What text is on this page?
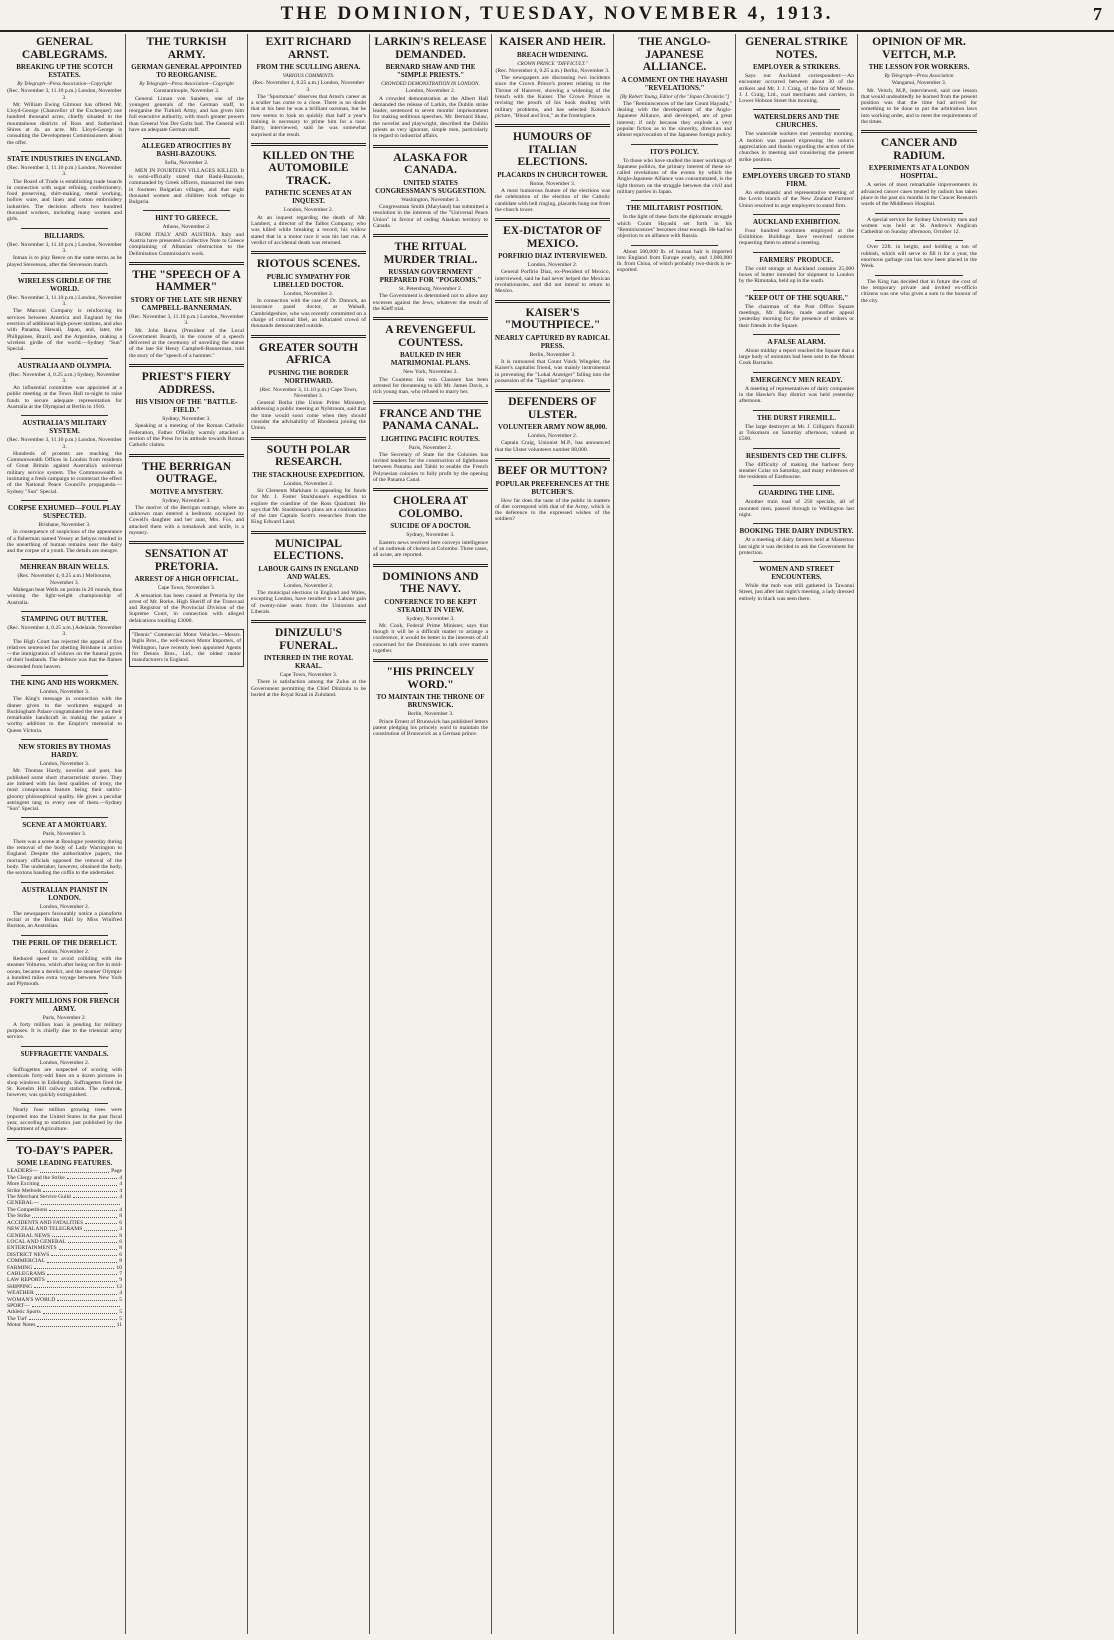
THE DOMINION, TUESDAY, NOVEMBER 4, 1913.	7
GENERAL CABLEGRAMS.
BREAKING UP THE SCOTCH ESTATES.
By Telegraph—Press Association—Copyright
(Rec. November 3, 11.10 p.m.) London, November 3.

Mr. William Ewing Gilmour has offered Mr. Lloyd-George (Chancellor of the Exchequer) one hundred thousand acres, chiefly situated in the mountainous districts of Ross and Sutherland Shires at 4s. an acre. Mr. Lloyd-George is consulting the Development Commissioners about the offer.

STATE INDUSTRIES IN ENGLAND.
(Rec. November 3, 11.10 p.m.) London, November 3.

The Board of Trade is establishing trade boards in connection with sugar refining, confectionery, food preserving, shirt-making, metal working, hollow ware, and linen and cotton embroidery industries. The decision affects two hundred thousand workers, including many women and girls.

BILLIARDS.
(Rec. November 3, 11.10 p.m.) London, November 3.

Inman is to play Reece on the same terms as he played Stevenson, after the Stevenson match.

WIRELESS GIRDLE OF THE WORLD.
(Rec. November 3, 11.10 p.m.) London, November 3.

The Marconi Company is reinforcing its services between America and England by the erection of additional high-power stations, and also with Panama, Hawaii, Japan, and, later, the Philippines, Brazil, and the Argentine, making a wireless girdle of the world.—Sydney "Sun" Special.

AUSTRALIA AND OLYMPIA.
(Rec. November 4, 0.25 a.m.) Sydney, November 3.

An influential committee was appointed at a public meeting at the Town Hall to-night to raise funds to secure adequate representation for Australia at the Olympiad at Berlin in 1916.

AUSTRALIA'S MILITARY SYSTEM.
(Rec. November 3, 11.10 p.m.) London, November 3.

Hundreds of protests are reaching the Commonwealth Offices in London from residents of Great Britain against Australia's universal military service system. The Commonwealth is instituting a fresh campaign to counteract the effect of the National Peace Council's propaganda.—Sydney "Sun" Special.

CORPSE EXHUMED—FOUL PLAY SUSPECTED.
Brisbane, November 3.

In consequence of suspicious of the appearance of a fisherman named Yessey at Sebyns resulted in the unearthing of human remains near the dairy and the corpse of a youth. The details are meagre.

MEHREAN BRAIN WELLS.
(Rec. November 4, 0.25 a.m.) Melbourne, November 3.

Mahegan beat Wells on points in 20 rounds, thus winning the light-weight championship of Australia.

STAMPING OUT BUTTER.
(Rec. November 4, 0.25 a.m.) Adelaide, November 3.

The High Court has rejected the appeal of five relatives sentenced for abetting Brisbane in action—the immigration of widows on the funeral pyres of their husbands. The defence was that the flames descended from heaven.

THE KING AND HIS WORKMEN.
London, November 3.

The King's message in connection with the dinner given to the workmen engaged at Buckingham Palace congratulated the men on their remarkable handicraft in making the palace a worthy addition to the Empire's memorial to Queen Victoria.

NEW STORIES BY THOMAS HARDY.
London, November 3.

Mr. Thomas Hardy, novelist and poet, has published some short characteristic stories. They are imbued with his best qualities of irony, the most conspicuous feature being their satiric-gloomy philosophical quality. He gives a peculiar astringent tang to every one of them.—Sydney "Sun" Special.

SCENE AT A MORTUARY.
Paris, November 3.

There was a scene at Boulogne yesterday during the removal of the body of Lady Warrington to England. Despite the authoritative papers, the mortuary officials opposed the removal of the body. The undertaker, however, obtained the body, the sextons handing the coffin to the undertaker.

AUSTRALIAN PIANIST IN LONDON.
London, November 2.

The newspapers favourably notice a pianoforte recital at the Bolian Hall by Miss Winifred Burston, an Australian.

THE PERIL OF THE DERELICT.
London, November 2.

Reduced speed to avoid colliding with the steamer Volturno, which after being on fire in mid-ocean, became a derelict, and the steamer Olympic a hundred miles extra voyage between New York and Plymouth.

FORTY MILLIONS FOR FRENCH ARMY.
Paris, November 2.

A forty million loan is pending for military purposes. It is chiefly due to the triennial army service.

SUFFRAGETTE VANDALS.
London, November 2.

Suffragettes are suspected of scoring with chemicals forty-odd lines on a dozen pictures in shop windows in Edinburgh. Suffragettes fired the St. Kenelm Hill railway station. The outbreak, however, was quickly extinguished.

Nearly four million growing trees were imported into the United States in the past fiscal year, according to statistics just published by the Department of Agriculture.

TO-DAY'S PAPER.
SOME LEADING FEATURES.
LEADERS—	Page
The Clergy and the Strike	4
More Exciting	4
Strike Methods	4
The Merchant Service Guild	4
GENERAL—
The Competitions	4
The Strike	8
ACCIDENTS AND FATALITIES	6
NEW ZEALAND TELEGRAMS	3
GENERAL NEWS	8
LOCAL AND GENERAL	6
ENTERTAINMENTS	8
DISTRICT NEWS	6
COMMERCIAL	8
FARMING	10
CABLEGRAMS	7
LAW REPORTS	9
SHIPPING	12
WEATHER	4
WOMAN'S WORLD	5
SPORT—
Athletic Sports	5
The Turf	5
Motor Notes	11
THE TURKISH ARMY.
GERMAN GENERAL APPOINTED TO REORGANISE.
By Telegraph—Press Association—Copyright
Constantinople, November 2.

General Liman von Sanders, one of the youngest generals of the German staff, to reorganise the Turkish Army, and has given him full executive authority, with much greater powers than General Von Der Goltz had. The General will have an adequate German staff.

ALLEGED ATROCITIES BY BASHI-BAZOUKS.
Sofia, November 2.

MEN IN FOURTEEN VILLAGES KILLED. It is semi-officially stated that Bashi-Bazouks, commanded by Greek officers, massacred the men in fourteen Bulgarian villages, and that eight thousand women and children took refuge in Bulgaria.

HINT TO GREECE.
Athens, November 2.

FROM ITALY AND AUSTRIA. Italy and Austria have presented a collective Note to Greece complaining of Albanian obstruction to the Delimitation Commission's work.

THE "SPEECH OF A HAMMER"
STORY OF THE LATE SIR HENRY CAMPBELL-BANNERMAN.
(Rec. November 3, 11.10 p.m.) London, November 3.

Mr. John Burns (President of the Local Government Board), in the course of a speech delivered at the ceremony of unveiling the statue of the late Sir Henry Campbell-Bannerman, told the story of the "speech of a hammer."

PRIEST'S FIERY ADDRESS.
HIS VISION OF THE "BATTLE-FIELD."
Sydney, November 3.

Speaking at a meeting of the Roman Catholic Federation, Father O'Reilly warmly attacked a section of the Press for its attitude towards Roman Catholic claims.

THE BERRIGAN OUTRAGE.
MOTIVE A MYSTERY.
Sydney, November 3.

The motive of the Berrigan outrage, where an unknown man entered a bedroom occupied by Cowell's daughter and her aunt, Mrs. Fox, and attacked them with a tomahawk and knife, is a mystery.

SENSATION AT PRETORIA.
ARREST OF A HIGH OFFICIAL.
Cape Town, November 3.

A sensation has been caused at Pretoria by the arrest of Mr. Rorke, High Sheriff of the Transvaal and Registrar of the Provincial Division of the Supreme Court, in connection with alleged defalcations totalling £3000.

"Dennis" Commercial Motor Vehicles.—Messrs. Inglis Bros., the well-known Motor Importers, of Wellington, have recently been appointed Agents for Dennis Bros., Ltd., the oldest motor manufacturers in England.
EXIT RICHARD ARNST.
FROM THE SCULLING ARENA.
VARIOUS COMMENTS.
(Rec. November 4, 0.25 a.m.) London, November 3.

The "Sportsman" observes that Arnst's career as a sculler has come to a close. There is no doubt that at his best he was a brilliant oarsman, but he now seems to look so quickly that half a year's training is necessary to prime him for a race. Barry, interviewed, said he was somewhat surprised at the result.

KILLED ON THE AUTOMOBILE TRACK.
PATHETIC SCENES AT AN INQUEST.
London, November 2.

At an inquest regarding the death of Mr. Lambert, a director of the Talbot Company, who was killed while breaking a record, his widow stated that in a motor race it was his last run. A verdict of accidental death was returned.

RIOTOUS SCENES.
PUBLIC SYMPATHY FOR LIBELLED DOCTOR.
London, November 2.

In connection with the case of Dr. Dimock, an insurance panel doctor, at Walsall, Cambridgeshire, who was recently committed on a charge of criminal libel, an infuriated crowd of thousands demonstrated outside.

GREATER SOUTH AFRICA
PUSHING THE BORDER NORTHWARD.
(Rec. November 3, 11.10 p.m.) Cape Town, November 3.

General Botha (the Union Prime Minister), addressing a public meeting at Nylstroom, said that the time would soon come when they should consider the advisability of Rhodesia joining the Union.

SOUTH POLAR RESEARCH.
THE STACKHOUSE EXPEDITION.
London, November 2.

Sir Clements Markham is appealing for funds for Mr. J. Foster Stackhouse's expedition to explore the coastline of the Ross Quadrant. He says that Mr. Stackhouse's plans are a continuation of the late Captain Scott's researches from the King Edward Land.

MUNICIPAL ELECTIONS.
LABOUR GAINS IN ENGLAND AND WALES.
London, November 2.

The municipal elections in England and Wales, excepting London, have resulted in a Labour gain of twenty-nine seats from the Unionists and Liberals.

DINIZULU'S FUNERAL.
INTERRED IN THE ROYAL KRAAL.
Cape Town, November 3.

There is satisfaction among the Zulus at the Government permitting the Chief Dinizulu to be buried at the Royal Kraal in Zululand.

LARKIN'S RELEASE DEMANDED.
BERNARD SHAW AND THE "SIMPLE PRIESTS."
CROWDED DEMONSTRATION IN LONDON.
London, November 2.

A crowded demonstration at the Albert Hall demanded the release of Larkin, the Dublin strike leader, sentenced to seven months' imprisonment for making seditious speeches. Mr. Bernard Shaw, the novelist and playwright, described the Dublin priests as very ignorant, simple men, particularly in regard to industrial affairs.

ALASKA FOR CANADA.
UNITED STATES CONGRESSMAN'S SUGGESTION.
Washington, November 3.

Congressman Smith (Maryland) has submitted a resolution in the interests of the "Universal Peace Union" in favour of ceding Alaskan territory to Canada.

THE RITUAL MURDER TRIAL.
RUSSIAN GOVERNMENT PREPARED FOR "POGROMS."
St. Petersburg, November 2.

The Government is determined not to allow any excesses against the Jews, whatever the result of the Kieff trial.

A REVENGEFUL COUNTESS.
BAULKED IN HER MATRIMONIAL PLANS.
New York, November 2.

The Countess Ida von Claussen has been arrested for threatening to kill Mr. James Davis, a rich young man, who refused to marry her.

FRANCE AND THE PANAMA CANAL.
LIGHTING PACIFIC ROUTES.
Paris, November 2.

The Secretary of State for the Colonies has invited tenders for the construction of lighthouses between Panama and Tahiti to enable the French Polynesian colonies to fully profit by the opening of the Panama Canal.

CHOLERA AT COLOMBO.
SUICIDE OF A DOCTOR.
Sydney, November 3.

Eastern news received here conveys intelligence of an outbreak of cholera at Colombo. Three cases, all acute, are reported.

DOMINIONS AND THE NAVY.
CONFERENCE TO BE KEPT STEADILY IN VIEW.
Sydney, November 3.

Mr. Cook, Federal Prime Minister, says that though it will be a difficult matter to arrange a conference, it would be better in the interests of all concerned for the Dominions to talk over matters together.

"HIS PRINCELY WORD."
TO MAINTAIN THE THRONE OF BRUNSWICK.
Berlin, November 3.

Prince Ernest of Brunswick has published letters patent pledging his princely word to maintain the constitution of Brunswick as a German prince.

KAISER AND HEIR.
BREACH WIDENING.
CROWN PRINCE "DIFFICULT."
(Rec. November 4, 0.25 a.m.) Berlin, November 3.

The newspapers are discussing two incidents since the Crown Prince's protest relating to the Throne of Hanover, showing a widening of the breach with the Kaiser. The Crown Prince is revising the proofs of his book dealing with military problems, and has selected Kotska's picture, "Blood and Iron," as the frontispiece.

HUMOURS OF ITALIAN ELECTIONS.
PLACARDS IN CHURCH TOWER.
Rome, November 3.

A most humorous feature of the elections was the celebration of the election of the Cattolic candidate with bell ringing, placards hung out from the church tower.

EX-DICTATOR OF MEXICO.
PORFIRIO DIAZ INTERVIEWED.
London, November 2.

General Porfirio Diaz, ex-President of Mexico, interviewed, said he had never helped the Mexican revolutionaries, and did not intend to return to Mexico.

KAISER'S "MOUTHPIECE."
NEARLY CAPTURED BY RADICAL PRESS.
Berlin, November 3.

It is rumoured that Count Vinck Wingeler, the Kaiser's capitalist friend, was mainly instrumental in preventing the "Lokal Anzeiger" falling into the possession of the "Tageblatt" proprietor.

DEFENDERS OF ULSTER.
VOLUNTEER ARMY NOW 88,000.
London, November 2.

Captain Craig, Unionist M.P., has announced that the Ulster volunteers number 88,000.

BEEF OR MUTTON?
POPULAR PREFERENCES AT THE BUTCHER'S.

How far does the taste of the public in matters of diet correspond with that of the Army, which is the deference to the expressed wishes of the soldiers?

THE ANGLO-JAPANESE ALLIANCE.
A COMMENT ON THE HAYASHI "REVELATIONS."
[By Robert Young, Editor of the "Japan Chronicle."]

The "Reminiscences of the late Count Hayashi," dealing with the development of the Anglo-Japanese Alliance, and developed, are of great interest; if only because they explode a very popular fiction as to the sincerity, direction and almost equivocation of the Japanese foreign policy.

ITO'S POLICY.

To those who have studied the inner workings of Japanese politics, the primary interest of these so-called revelations of the events by which the Anglo-Japanese Alliance was consummated, is the light thrown on the struggle between the civil and military parties in Japan.

THE MILITARIST POSITION.

In the light of these facts the diplomatic struggle which Count Hayashi set forth in his "Reminiscences" becomes clear enough. He had no objection to an alliance with Russia.

About 500,000 lb. of human hair is imported into England from Europe yearly, and 1,000,000 lb. from China, of which probably two-thirds is re-exported.

GENERAL STRIKE NOTES.
EMPLOYER & STRIKERS.

Says our Auckland correspondent:—An encounter occurred between about 30 of the strikers and Mr. J. J. Craig, of the firm of Messrs. J. J. Craig, Ltd., coal merchants and carriers, in Lower Hobson Street this morning.

WATERSLDERS AND THE CHURCHES.

The waterside workers met yesterday morning. A motion was passed expressing the union's appreciation and thanks regarding the action of the churches in meeting and considering the present strike position.

EMPLOYERS URGED TO STAND FIRM.

An enthusiastic and representative meeting of the Lovin branch of the New Zealand Farmers' Union resolved to urge employers to stand firm.

AUCKLAND EXHIBITION.

Four hundred workmen employed at the Exhibition Buildings have received notices requesting them to attend a meeting.

FARMERS' PRODUCE.

The cold storage at Auckland contains 25,000 boxes of butter intended for shipment to London by the Rimutaka, held up in the south.

"KEEP OUT OF THE SQUARE."

The chairman of the Post Office Square meetings, Mr. Bailey, made another appeal yesterday morning for the presence of strikers or their friends in the Square.

A FALSE ALARM.

About midday a report reached the Square that a large body of unionists had been sent to the Mount Cook Barracks.

EMERGENCY MEN READY.

A meeting of representatives of dairy companies in the Hawke's Bay district was held yesterday afternoon.

THE DURST FIREMILL.

The large destroyer at Mr. J. Gilligan's flaxmill at Tokomaru on Saturday afternoon, valued at £500.

RESIDENTS CED THE CLIFFS.

The difficulty of making the harbour ferry steamer Colac on Saturday, and many evidences of the residents of Eastbourne.

GUARDING THE LINE.

Another train load of 250 specials, all of mounted men, passed through to Wellington last night.

BOOKING THE DAIRY INDUSTRY.

At a meeting of dairy farmers held at Masterton last night it was decided to ask the Government for protection.

WOMEN AND STREET ENCOUNTERS.

While the mob was still gathered in Tawanui Street, just after last night's meeting, a lady dressed entirely in black was seen there.

OPINION OF MR. VEITCH, M.P.
THE LESSON FOR WORKERS.
By Telegraph—Press Association
Wanganui, November 3.

Mr. Veitch, M.P., interviewed, said one lesson that would undoubtedly be learned from the present position was that the time had arrived for something to be done to put the arbitration laws into working order, and to meet the requirements of the times.

CANCER AND RADIUM.
EXPERIMENTS AT A LONDON HOSPITAL.

A series of most remarkable improvements in advanced cancer cases treated by radium has taken place in the past six months in the Cancer Research wards of the Middlesex Hospital.

A special service for Sydney University men and women was held at St. Andrew's Anglican Cathedral on Sunday afternoon, October 12.

Over 22ft. in height, and holding a ton of rubbish, which will serve to fill it for a year, the enormous garbage can has now been placed in the Wesk.

The King has decided that in future the cost of the temporary private and invited ex-officio citizens was one who gives a sum to the honour of the city.
